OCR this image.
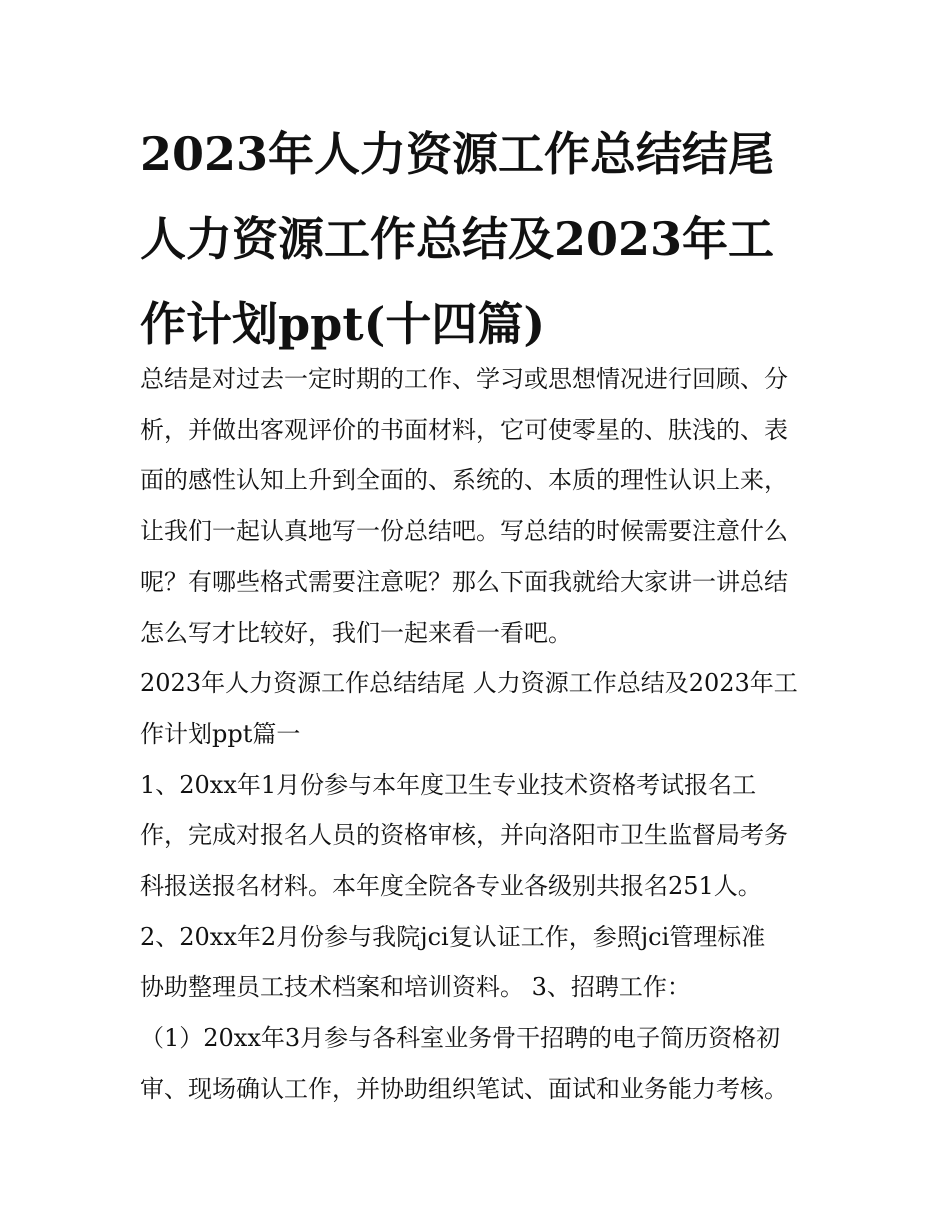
2023年人力资源工作总结结尾
人力资源工作总结及2023年工
作计划ppt(十四篇)
总结是对过去一定时期的工作、学习或思想情况进行回顾、分
析，并做出客观评价的书面材料，它可使零星的、肤浅的、表
面的感性认知上升到全面的、系统的、本质的理性认识上来，
让我们一起认真地写一份总结吧。写总结的时候需要注意什么
呢？有哪些格式需要注意呢？那么下面我就给大家讲一讲总结
怎么写才比较好，我们一起来看一看吧。
2023年人力资源工作总结结尾 人力资源工作总结及2023年工
作计划ppt篇一
1、20xx年1月份参与本年度卫生专业技术资格考试报名工
作，完成对报名人员的资格审核，并向洛阳市卫生监督局考务
科报送报名材料。本年度全院各专业各级别共报名251人。
2、20xx年2月份参与我院jci复认证工作，参照jci管理标准
协助整理员工技术档案和培训资料。 3、招聘工作：
（1）20xx年3月参与各科室业务骨干招聘的电子简历资格初
审、现场确认工作，并协助组织笔试、面试和业务能力考核。
